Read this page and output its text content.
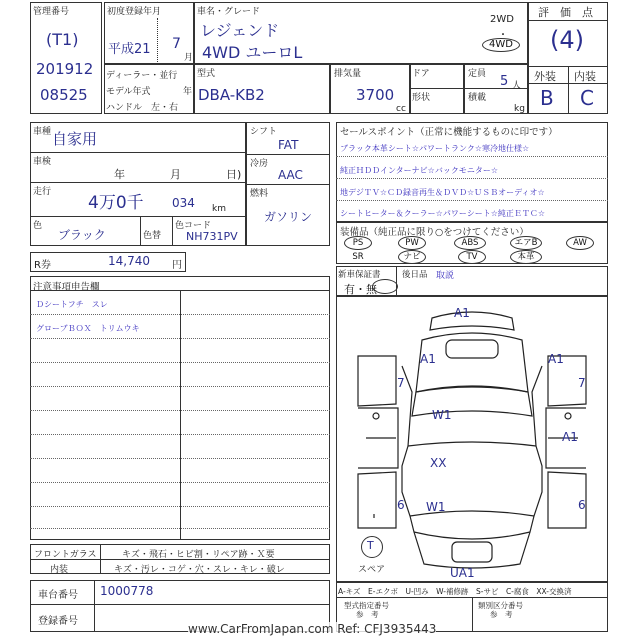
管理番号
(T1)
201912
08525
初度登録年月
平成21 7
月
車名・グレード
レジェンド
4WD ユーロL
2WD
・
4WD
評　価　点
(4)
外装 内装
B C
ディーラー・並行
モデル年式	年
ハンドル　左・右
型式
DBA-KB2
排気量
3700
cc
ドア
形状
定員 5 人
積載
kg
車種 自家用
車検
年	月	日)
走行
4万0千 034 km
色
ブラック	色替
色コード
NH731PV
シフト
FAT
冷房
AAC
燃料
ガソリン
R券	14,740 円
セールスポイント（正常に機能するものに印です）
ブラック本革シート☆パワートランク☆寒冷地仕様☆
純正ＨＤＤインターナビ☆バックモニター☆
地デジＴＶ☆ＣＤ録音再生＆ＤＶＤ☆ＵＳＢオーディオ☆
シートヒーター＆クーラー☆パワーシート☆純正ＥＴＣ☆
装備品（純正品に限り○をつけてください）
PS	PW	ABS	エアB	AW
SR	ナビ	TV	本革
新車保証書
有・無
後日品 取説
注意事項申告欄
Ｄシートフチ　スレ
グローブＢＯＸ　トリムウキ
フロントガラス	キズ・飛石・ヒビ割・リペア跡・Ｘ要
内装	キズ・汚レ・コゲ・穴・スレ・キレ・破レ
車台番号 1000778
登録番号
A1
A1
7
A1
7
W1
A1
XX
6 W1	6
T
スペア	UA1
A-キズ　E-エクボ　U-凹み　W-補修跡　S-サビ　C-腐食　XX-交換済
型式指定番号
参　考
類別区分番号
参　考
www.CarFromJapan.com Ref: CFJ3935443
